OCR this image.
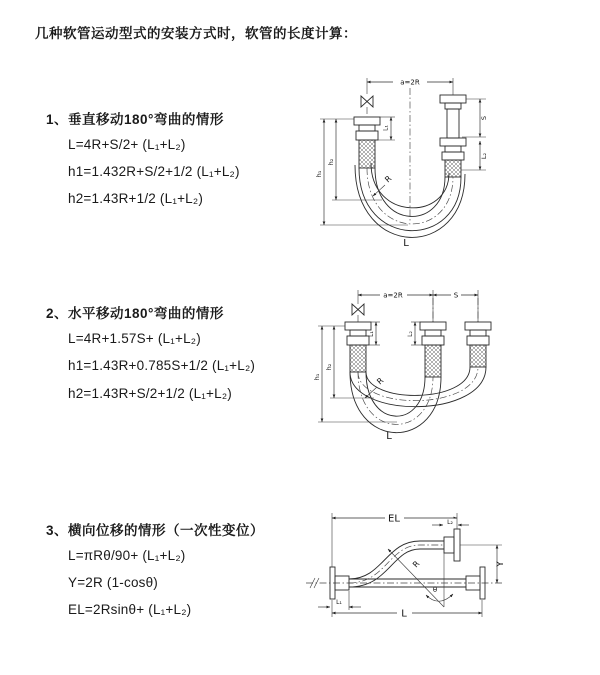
几种软管运动型式的安装方式时，软管的长度计算：
1、垂直移动180°弯曲的情形
L=4R+S/2+ (L₁+L₂)
h1=1.432R+S/2+1/2 (L₁+L₂)
h2=1.43R+1/2 (L₁+L₂)
2、水平移动180°弯曲的情形
L=4R+1.57S+ (L₁+L₂)
h1=1.43R+0.785S+1/2 (L₁+L₂)
h2=1.43R+S/2+1/2 (L₁+L₂)
3、横向位移的情形（一次性变位）
L=πRθ/90+ (L₁+L₂)
Y=2R (1-cosθ)
EL=2Rsinθ+ (L₁+L₂)
a=2R
S
L₂
h₁
h₂
L₁
R
L
a=2R	S
L₁	L₂
h₁
h₂
R
L
θ
R
EL	L₂
Y
L
L₁
